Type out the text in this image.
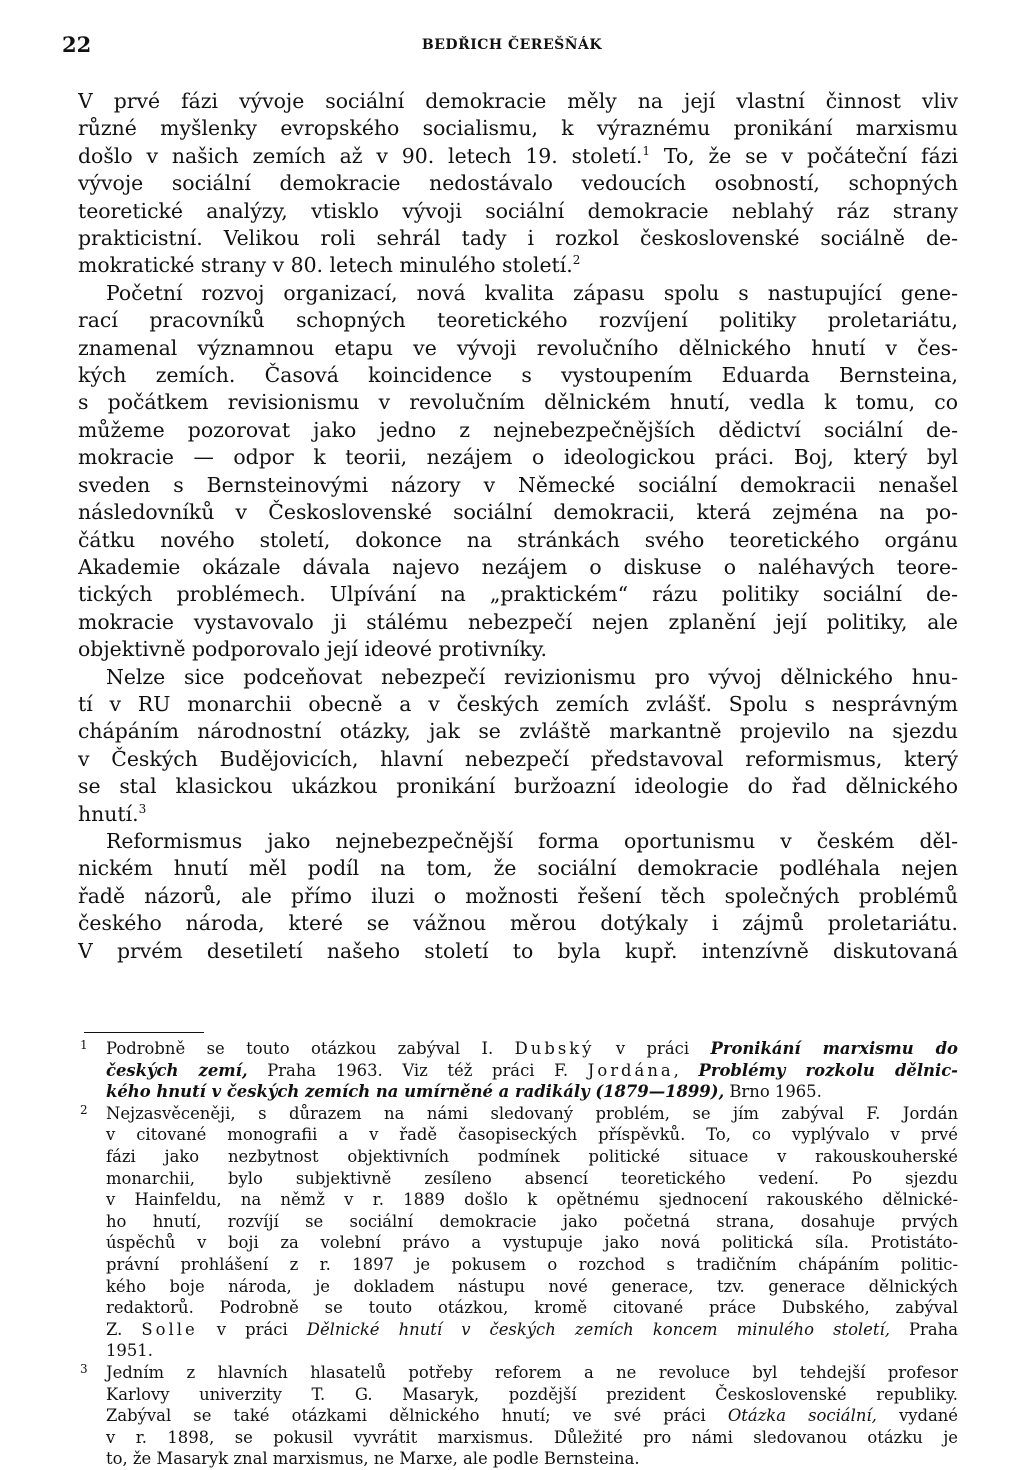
22	BEDŘICH ČEREŠŇÁK
V prvé fázi vývoje sociální demokracie měly na její vlastní činnost vliv
různé myšlenky evropského socialismu, k výraznému pronikání marxismu
došlo v našich zemích až v 90. letech 19. století.$^1$ To, že se v počáteční fázi
vývoje sociální demokracie nedostávalo vedoucích osobností, schopných
teoretické analýzy, vtisklo vývoji sociální demokracie neblahý ráz strany
prakticistní. Velikou roli sehrál tady i rozkol československé sociálně de-
mokratické strany v 80. letech minulého století.$^2$
Početní rozvoj organizací, nová kvalita zápasu spolu s nastupující gene-
rací pracovníků schopných teoretického rozvíjení politiky proletariátu,
znamenal významnou etapu ve vývoji revolučního dělnického hnutí v čes-
kých zemích. Časová koincidence s vystoupením Eduarda Bernsteina,
s počátkem revisionismu v revolučním dělnickém hnutí, vedla k tomu, co
můžeme pozorovat jako jedno z nejnebezpečnějších dědictví sociální de-
mokracie — odpor k teorii, nezájem o ideologickou práci. Boj, který byl
sveden s Bernsteinovými názory v Německé sociální demokracii nenašel
následovníků v Československé sociální demokracii, která zejména na po-
čátku nového století, dokonce na stránkách svého teoretického orgánu
Akademie okázale dávala najevo nezájem o diskuse o naléhavých teore-
tických problémech. Ulpívání na „praktickém“ rázu politiky sociální de-
mokracie vystavovalo ji stálému nebezpečí nejen zplanění její politiky, ale
objektivně podporovalo její ideové protivníky.
Nelze sice podceňovat nebezpečí revizionismu pro vývoj dělnického hnu-
tí v RU monarchii obecně a v českých zemích zvlášť. Spolu s nesprávným
chápáním národnostní otázky, jak se zvláště markantně projevilo na sjezdu
v Českých Budějovicích, hlavní nebezpečí představoval reformismus, který
se stal klasickou ukázkou pronikání buržoazní ideologie do řad dělnického
hnutí.$^3$
Reformismus jako nejnebezpečnější forma oportunismu v českém děl-
nickém hnutí měl podíl na tom, že sociální demokracie podléhala nejen
řadě názorů, ale přímo iluzi o možnosti řešení těch společných problémů
českého národa, které se vážnou měrou dotýkaly i zájmů proletariátu.
V prvém desetiletí našeho století to byla kupř. intenzívně diskutovaná
1	Podrobně se touto otázkou zabýval I. Dubský v práci Pronikání marxismu do
českých zemí, Praha 1963. Viz též práci F. Jordána, Problémy rozkolu dělnic-
kého hnutí v českých zemích na umírněné a radikály (1879—1899), Brno 1965.
2	Nejzasvěceněji, s důrazem na námi sledovaný problém, se jím zabýval F. Jordán
v citované monografii a v řadě časopiseckých příspěvků. To, co vyplývalo v prvé
fázi jako nezbytnost objektivních podmínek politické situace v rakouskouherské
monarchii, bylo subjektivně zesíleno absencí teoretického vedení. Po sjezdu
v Hainfeldu, na němž v r. 1889 došlo k opětnému sjednocení rakouského dělnické-
ho hnutí, rozvíjí se sociální demokracie jako početná strana, dosahuje prvých
úspěchů v boji za volební právo a vystupuje jako nová politická síla. Protistáto-
právní prohlášení z r. 1897 je pokusem o rozchod s tradičním chápáním politic-
kého boje národa, je dokladem nástupu nové generace, tzv. generace dělnických
redaktorů. Podrobně se touto otázkou, kromě citované práce Dubského, zabýval
Z. Solle v práci Dělnické hnutí v českých zemích koncem minulého století, Praha
1951.
3	Jedním z hlavních hlasatelů potřeby reforem a ne revoluce byl tehdejší profesor
Karlovy univerzity T. G. Masaryk, pozdější prezident Československé republiky.
Zabýval se také otázkami dělnického hnutí; ve své práci Otázka sociální, vydané
v r. 1898, se pokusil vyvrátit marxismus. Důležité pro námi sledovanou otázku je
to, že Masaryk znal marxismus, ne Marxe, ale podle Bernsteina.
